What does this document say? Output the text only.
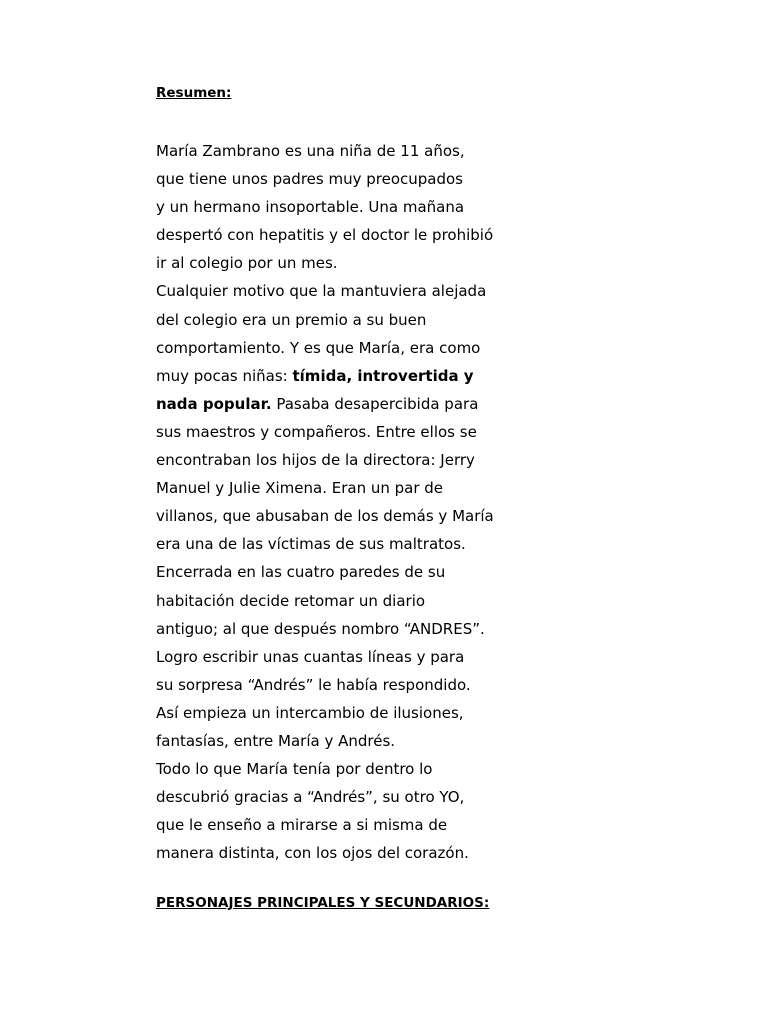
Resumen:
María Zambrano es una niña de 11 años,
que tiene unos padres muy preocupados
y un hermano insoportable. Una mañana
despertó con hepatitis y el doctor le prohibió
ir al colegio por un mes.
Cualquier motivo que la mantuviera alejada
del colegio era un premio a su buen
comportamiento. Y es que María, era como
muy pocas niñas: tímida, introvertida y
nada popular. Pasaba desapercibida para
sus maestros y compañeros. Entre ellos se
encontraban los hijos de la directora: Jerry
Manuel y Julie Ximena. Eran un par de
villanos, que abusaban de los demás y María
era una de las víctimas de sus maltratos.
Encerrada en las cuatro paredes de su
habitación decide retomar un diario
antiguo; al que después nombro “ANDRES”.
Logro escribir unas cuantas líneas y para
su sorpresa “Andrés” le había respondido.
Así empieza un intercambio de ilusiones,
fantasías, entre María y Andrés.
Todo lo que María tenía por dentro lo
descubrió gracias a “Andrés”, su otro YO,
que le enseño a mirarse a si misma de
manera distinta, con los ojos del corazón.
PERSONAJES PRINCIPALES Y SECUNDARIOS:
